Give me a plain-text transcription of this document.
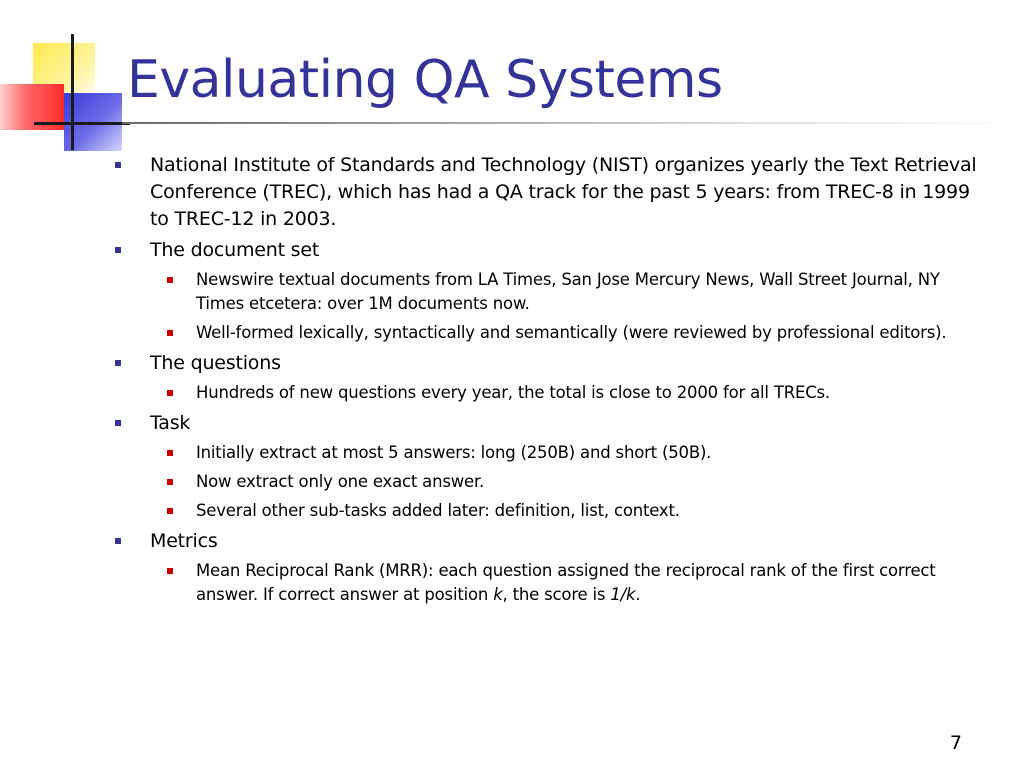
Evaluating QA Systems
National Institute of Standards and Technology (NIST) organizes yearly the Text Retrieval Conference (TREC), which has had a QA track for the past 5 years: from TREC-8 in 1999 to TREC-12 in 2003.
The document set
Newswire textual documents from LA Times, San Jose Mercury News, Wall Street Journal, NY Times etcetera: over 1M documents now.
Well-formed lexically, syntactically and semantically (were reviewed by professional editors).
The questions
Hundreds of new questions every year, the total is close to 2000 for all TRECs.
Task
Initially extract at most 5 answers: long (250B) and short (50B).
Now extract only one exact answer.
Several other sub-tasks added later: definition, list, context.
Metrics
Mean Reciprocal Rank (MRR): each question assigned the reciprocal rank of the first correct answer. If correct answer at position k, the score is 1/k.
7
